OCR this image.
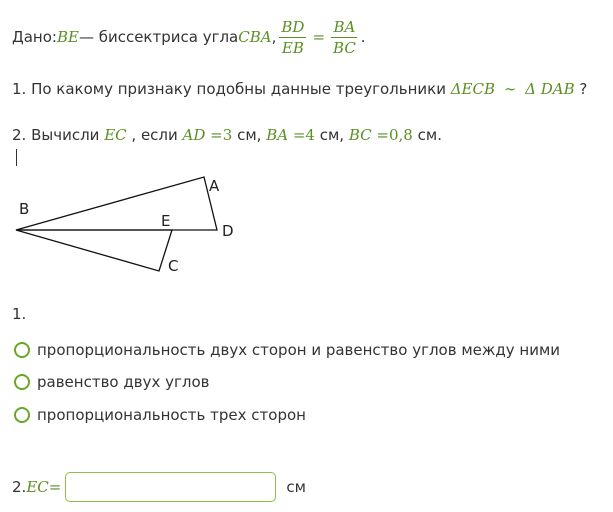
Дано: BE — биссектриса угла CBA , $\frac{BD}{EB} = \frac{BA}{BC}$ .
1. По какому признаку подобны данные треугольники ΔECB ∼ Δ DAB ?
2. Вычисли EC , если AD =3 см, BA =4 см, BC =0,8 см.
A
B
E
D
C
1.
пропорциональность двух сторон и равенство углов между ними
равенство двух углов
пропорциональность трех сторон
2. EC =	см
